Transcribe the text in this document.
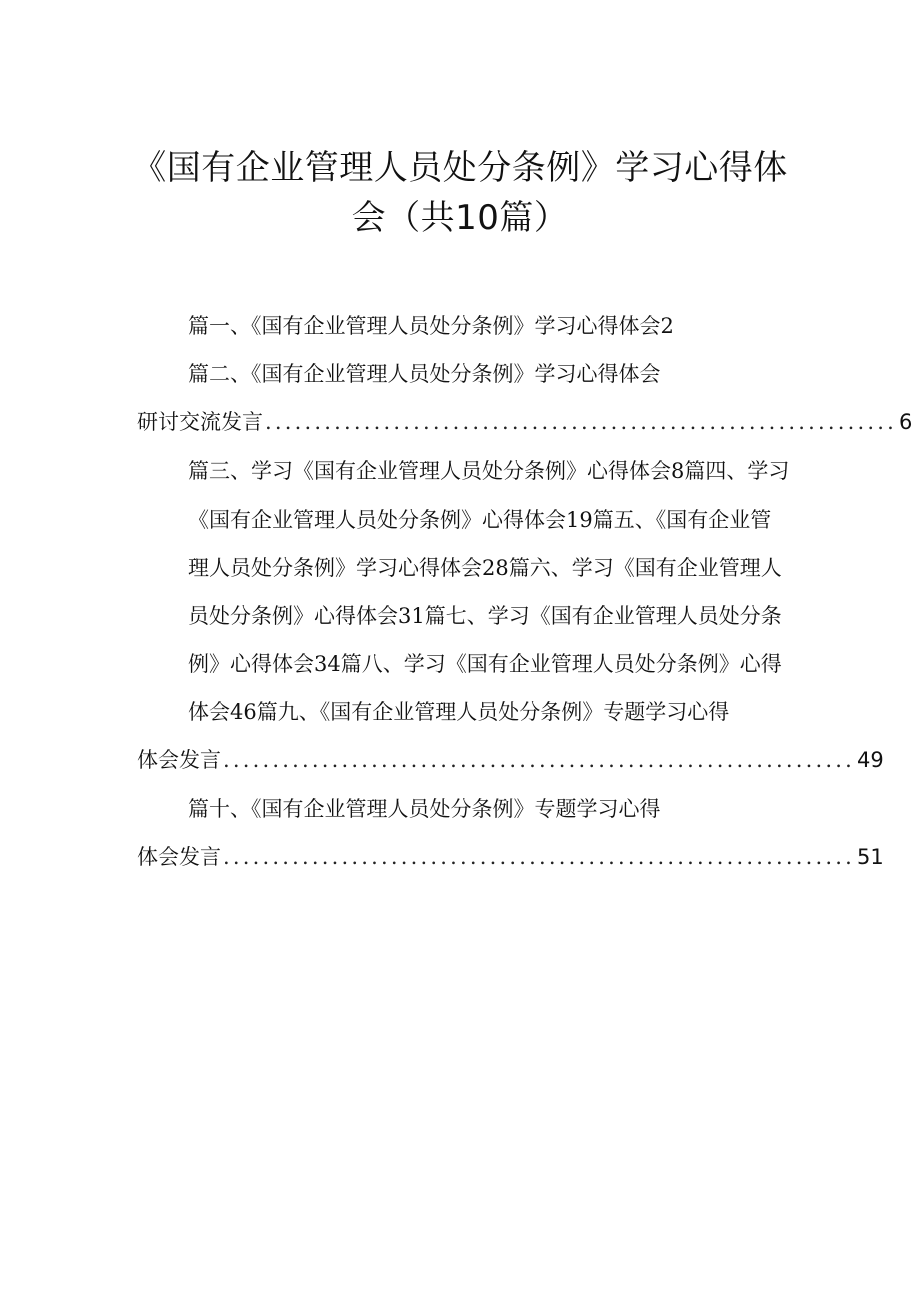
《国有企业管理人员处分条例》学习心得体
会（共10篇）

篇一、《国有企业管理人员处分条例》学习心得体会2

篇二、《国有企业管理人员处分条例》学习心得体会

研讨交流发言 ................................................................ 6

篇三、学习《国有企业管理人员处分条例》心得体会8篇四、学习

《国有企业管理人员处分条例》心得体会19篇五、《国有企业管

理人员处分条例》学习心得体会28篇六、学习《国有企业管理人

员处分条例》心得体会31篇七、学习《国有企业管理人员处分条

例》心得体会34篇八、学习《国有企业管理人员处分条例》心得

体会46篇九、《国有企业管理人员处分条例》专题学习心得

体会发言 ................................................................ 49

篇十、《国有企业管理人员处分条例》专题学习心得

体会发言 ................................................................ 51
